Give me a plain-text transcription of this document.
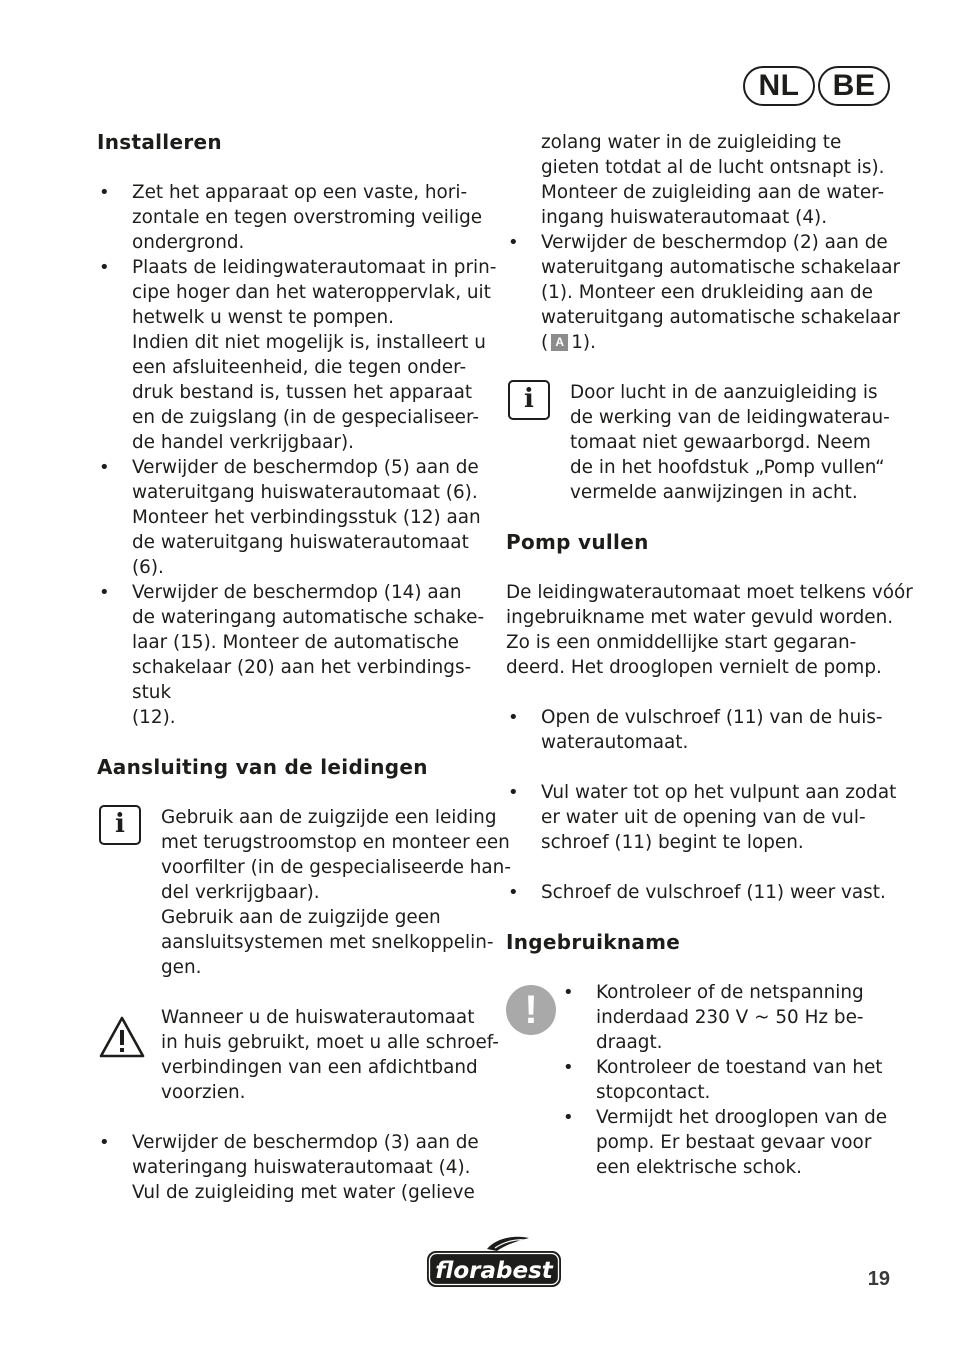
NL	BE
Installeren
• Zet het apparaat op een vaste, hori-
zontale en tegen overstroming veilige
ondergrond.
• Plaats de leidingwaterautomaat in prin-
cipe hoger dan het wateroppervlak, uit
hetwelk u wenst te pompen.
Indien dit niet mogelijk is, installeert u
een afsluiteenheid, die tegen onder-
druk bestand is, tussen het apparaat
en de zuigslang (in de gespecialiseer-
de handel verkrijgbaar).
• Verwijder de beschermdop (5) aan de
wateruitgang huiswaterautomaat (6).
Monteer het verbindingsstuk (12) aan
de wateruitgang huiswaterautomaat
(6).
• Verwijder de beschermdop (14) aan
de wateringang automatische schake-
laar (15). Monteer de automatische
schakelaar (20) aan het verbindings-
stuk
(12).
Aansluiting van de leidingen
i	Gebruik aan de zuigzijde een leiding
met terugstroomstop en monteer een
voorfilter (in de gespecialiseerde han-
del verkrijgbaar).
Gebruik aan de zuigzijde geen
aansluitsystemen met snelkoppelin-
gen.
Wanneer u de huiswaterautomaat
in huis gebruikt, moet u alle schroef-
verbindingen van een afdichtband
voorzien.
• Verwijder de beschermdop (3) aan de
wateringang huiswaterautomaat (4).
Vul de zuigleiding met water (gelieve
zolang water in de zuigleiding te
gieten totdat al de lucht ontsnapt is).
Monteer de zuigleiding aan de water-
ingang huiswaterautomaat (4).
• Verwijder de beschermdop (2) aan de
wateruitgang automatische schakelaar
(1). Monteer een drukleiding aan de
wateruitgang automatische schakelaar
( A 1).
i	Door lucht in de aanzuigleiding is
de werking van de leidingwaterau-
tomaat niet gewaarborgd. Neem
de in het hoofdstuk „Pomp vullen“
vermelde aanwijzingen in acht.
Pomp vullen
De leidingwaterautomaat moet telkens vóór
ingebruikname met water gevuld worden.
Zo is een onmiddellijke start gegaran-
deerd. Het drooglopen vernielt de pomp.
• Open de vulschroef (11) van de huis-
waterautomaat.
• Vul water tot op het vulpunt aan zodat
er water uit de opening van de vul-
schroef (11) begint te lopen.
• Schroef de vulschroef (11) weer vast.
Ingebruikname
!
•	Kontroleer of de netspanning
inderdaad 230 V ~ 50 Hz be-
draagt.
• Kontroleer de toestand van het
stopcontact.
• Vermijdt het drooglopen van de
pomp. Er bestaat gevaar voor
een elektrische schok.
florabest	19
